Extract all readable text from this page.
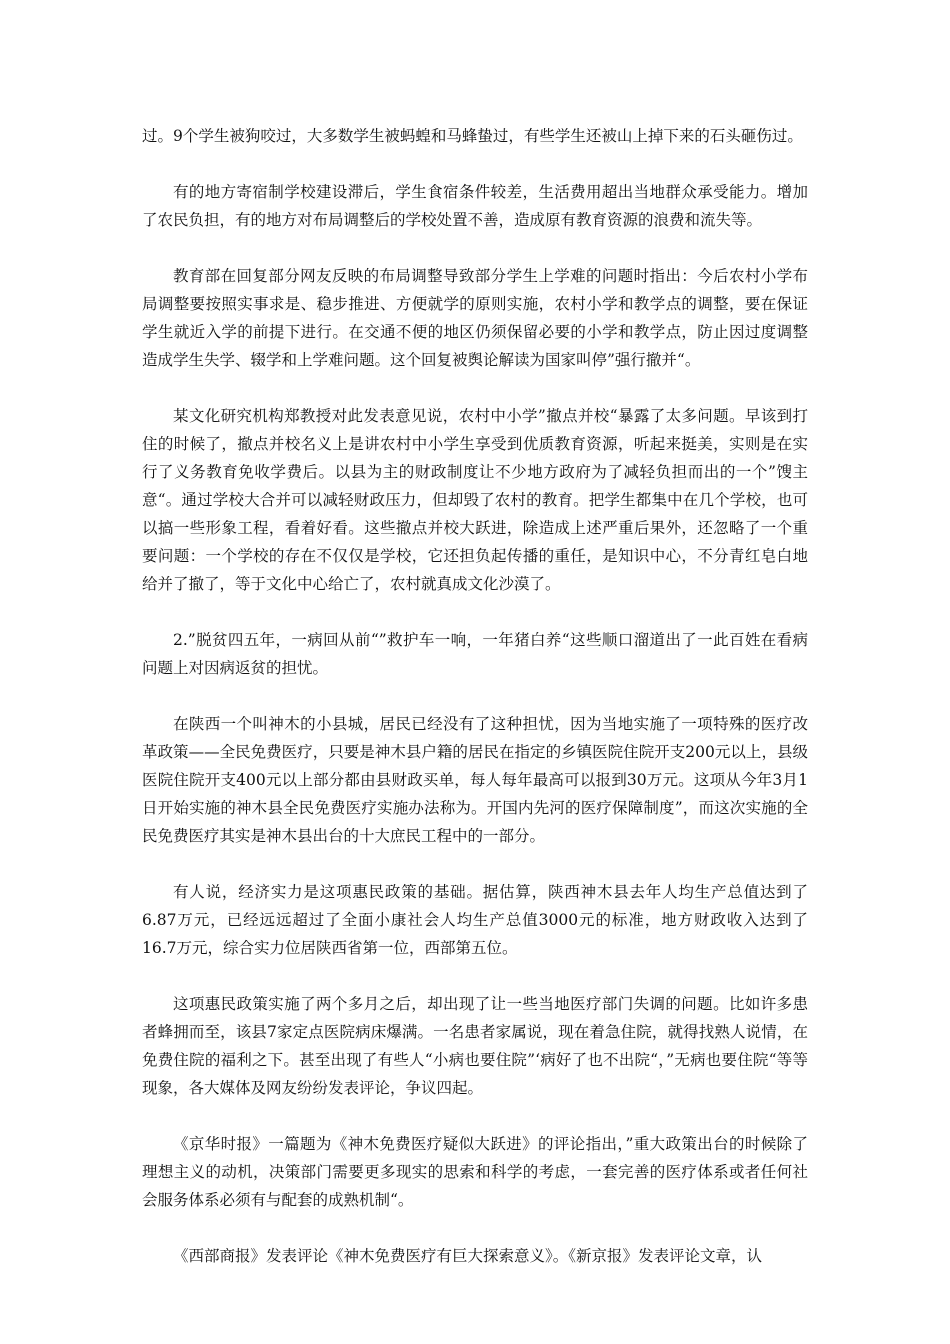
过。9个学生被狗咬过，大多数学生被蚂蝗和马蜂蛰过，有些学生还被山上掉下来的石头砸伤过。

有的地方寄宿制学校建设滞后，学生食宿条件较差，生活费用超出当地群众承受能力。增加了农民负担，有的地方对布局调整后的学校处置不善，造成原有教育资源的浪费和流失等。

教育部在回复部分网友反映的布局调整导致部分学生上学难的问题时指出：今后农村小学布局调整要按照实事求是、稳步推进、方便就学的原则实施，农村小学和教学点的调整，要在保证学生就近入学的前提下进行。在交通不便的地区仍须保留必要的小学和教学点，防止因过度调整造成学生失学、辍学和上学难问题。这个回复被舆论解读为国家叫停”强行撤并“。

某文化研究机构郑教授对此发表意见说，农村中小学”撤点并校“暴露了太多问题。早该到打住的时候了，撤点并校名义上是讲农村中小学生享受到优质教育资源，听起来挺美，实则是在实行了义务教育免收学费后。以县为主的财政制度让不少地方政府为了减轻负担而出的一个”馊主意“。通过学校大合并可以减轻财政压力，但却毁了农村的教育。把学生都集中在几个学校，也可以搞一些形象工程，看着好看。这些撤点并校大跃进，除造成上述严重后果外，还忽略了一个重要问题：一个学校的存在不仅仅是学校，它还担负起传播的重任，是知识中心，不分青红皂白地给并了撤了，等于文化中心给亡了，农村就真成文化沙漠了。

2.”脱贫四五年，一病回从前“”救护车一响，一年猪白养“这些顺口溜道出了一此百姓在看病问题上对因病返贫的担忧。

在陕西一个叫神木的小县城，居民已经没有了这种担忧，因为当地实施了一项特殊的医疗改革政策——全民免费医疗，只要是神木县户籍的居民在指定的乡镇医院住院开支200元以上，县级医院住院开支400元以上部分都由县财政买单，每人每年最高可以报到30万元。这项从今年3月1日开始实施的神木县全民免费医疗实施办法称为。开国内先河的医疗保障制度”，而这次实施的全民免费医疗其实是神木县出台的十大庶民工程中的一部分。

有人说，经济实力是这项惠民政策的基础。据估算，陕西神木县去年人均生产总值达到了6.87万元，已经远远超过了全面小康社会人均生产总值3000元的标准，地方财政收入达到了16.7万元，综合实力位居陕西省第一位，西部第五位。

这项惠民政策实施了两个多月之后，却出现了让一些当地医疗部门失调的问题。比如许多患者蜂拥而至，该县7家定点医院病床爆满。一名患者家属说，现在着急住院，就得找熟人说情，在免费住院的福利之下。甚至出现了有些人“小病也要住院”‘病好了也不出院“，”无病也要住院“等等现象，各大媒体及网友纷纷发表评论，争议四起。

《京华时报》一篇题为《神木免费医疗疑似大跃进》的评论指出，”重大政策出台的时候除了理想主义的动机，决策部门需要更多现实的思索和科学的考虑，一套完善的医疗体系或者任何社会服务体系必须有与配套的成熟机制“。

《西部商报》发表评论《神木免费医疗有巨大探索意义》。《新京报》发表评论文章，认
